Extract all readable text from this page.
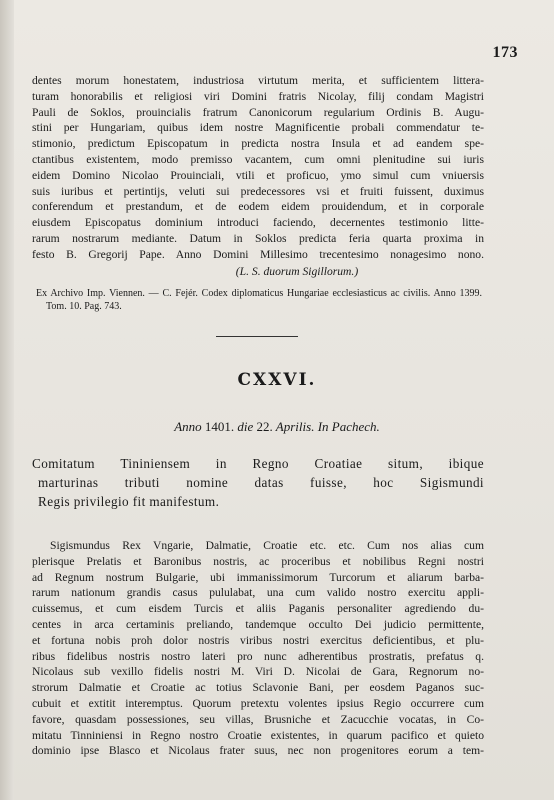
173
dentes morum honestatem, industriosa virtutum merita, et sufficientem littera-
turam honorabilis et religiosi viri Domini fratris Nicolay, filij condam Magistri
Pauli de Soklos, prouincialis fratrum Canonicorum regularium Ordinis B. Augu-
stini per Hungariam, quibus idem nostre Magnificentie probali commendatur te-
stimonio, predictum Episcopatum in predicta nostra Insula et ad eandem spe-
ctantibus existentem, modo premisso vacantem, cum omni plenitudine sui iuris
eidem Domino Nicolao Prouinciali, vtili et proficuo, ymo simul cum vniuersis
suis iuribus et pertintijs, veluti sui predecessores vsi et fruiti fuissent, duximus
conferendum et prestandum, et de eodem eidem prouidendum, et in corporale
eiusdem Episcopatus dominium introduci faciendo, decernentes testimonio litte-
rarum nostrarum mediante. Datum in Soklos predicta feria quarta proxima in
festo B. Gregorij Pape. Anno Domini Millesimo trecentesimo nonagesimo nono.
(L. S. duorum Sigillorum.)
Ex Archivo Imp. Viennen. — C. Fejér. Codex diplomaticus Hungariae ecclesiasticus ac civilis. Anno 1399.
Tom. 10. Pag. 743.
CXXVI.
Anno 1401. die 22. Aprilis. In Pachech.
Comitatum Tininiensem in Regno Croatiae situm, ibique
marturinas tributi nomine datas fuisse, hoc Sigismundi
Regis privilegio fit manifestum.
Sigismundus Rex Vngarie, Dalmatie, Croatie etc. etc. Cum nos alias cum
plerisque Prelatis et Baronibus nostris, ac proceribus et nobilibus Regni nostri
ad Regnum nostrum Bulgarie, ubi immanissimorum Turcorum et aliarum barba-
rarum nationum grandis casus pululabat, una cum valido nostro exercitu appli-
cuissemus, et cum eisdem Turcis et aliis Paganis personaliter agrediendo du-
centes in arca certaminis preliando, tandemque occulto Dei judicio permittente,
et fortuna nobis proh dolor nostris viribus nostri exercitus deficientibus, et plu-
ribus fidelibus nostris nostro lateri pro nunc adherentibus prostratis, prefatus q.
Nicolaus sub vexillo fidelis nostri M. Viri D. Nicolai de Gara, Regnorum no-
strorum Dalmatie et Croatie ac totius Sclavonie Bani, per eosdem Paganos suc-
cubuit et extitit interemptus. Quorum pretextu volentes ipsius Regio occurrere cum
favore, quasdam possessiones, seu villas, Brusniche et Zacucchie vocatas, in Co-
mitatu Tinniniensi in Regno nostro Croatie existentes, in quarum pacifico et quieto
dominio ipse Blasco et Nicolaus frater suus, nec non progenitores eorum a tem-
